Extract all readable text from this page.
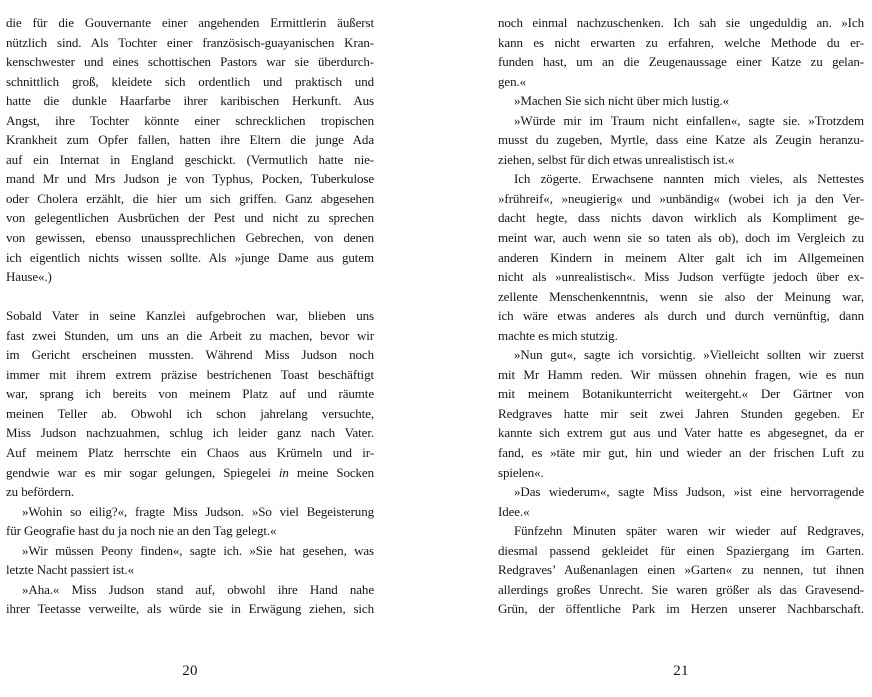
die für die Gouvernante einer angehenden Ermittlerin äußerst
nützlich sind. Als Tochter einer französisch-guayanischen Kran-
kenschwester und eines schottischen Pastors war sie überdurch-
schnittlich groß, kleidete sich ordentlich und praktisch und
hatte die dunkle Haarfarbe ihrer karibischen Herkunft. Aus
Angst, ihre Tochter könnte einer schrecklichen tropischen
Krankheit zum Opfer fallen, hatten ihre Eltern die junge Ada
auf ein Internat in England geschickt. (Vermutlich hatte nie-
mand Mr und Mrs Judson je von Typhus, Pocken, Tuberkulose
oder Cholera erzählt, die hier um sich griffen. Ganz abgesehen
von gelegentlichen Ausbrüchen der Pest und nicht zu sprechen
von gewissen, ebenso unaussprechlichen Gebrechen, von denen
ich eigentlich nichts wissen sollte. Als »junge Dame aus gutem
Hause«.)
Sobald Vater in seine Kanzlei aufgebrochen war, blieben uns
fast zwei Stunden, um uns an die Arbeit zu machen, bevor wir
im Gericht erscheinen mussten. Während Miss Judson noch
immer mit ihrem extrem präzise bestrichenen Toast beschäftigt
war, sprang ich bereits von meinem Platz auf und räumte
meinen Teller ab. Obwohl ich schon jahrelang versuchte,
Miss Judson nachzuahmen, schlug ich leider ganz nach Vater.
Auf meinem Platz herrschte ein Chaos aus Krümeln und ir-
gendwie war es mir sogar gelungen, Spiegelei in meine Socken
zu befördern.
»Wohin so eilig?«, fragte Miss Judson. »So viel Begeisterung
für Geografie hast du ja noch nie an den Tag gelegt.«
»Wir müssen Peony finden«, sagte ich. »Sie hat gesehen, was
letzte Nacht passiert ist.«
»Aha.« Miss Judson stand auf, obwohl ihre Hand nahe
ihrer Teetasse verweilte, als würde sie in Erwägung ziehen, sich
20
noch einmal nachzuschenken. Ich sah sie ungeduldig an. »Ich
kann es nicht erwarten zu erfahren, welche Methode du er-
funden hast, um an die Zeugenaussage einer Katze zu gelan-
gen.«
»Machen Sie sich nicht über mich lustig.«
»Würde mir im Traum nicht einfallen«, sagte sie. »Trotzdem
musst du zugeben, Myrtle, dass eine Katze als Zeugin heranzu-
ziehen, selbst für dich etwas unrealistisch ist.«
Ich zögerte. Erwachsene nannten mich vieles, als Nettestes
»frühreif«, »neugierig« und »unbändig« (wobei ich ja den Ver-
dacht hegte, dass nichts davon wirklich als Kompliment ge-
meint war, auch wenn sie so taten als ob), doch im Vergleich zu
anderen Kindern in meinem Alter galt ich im Allgemeinen
nicht als »unrealistisch«. Miss Judson verfügte jedoch über ex-
zellente Menschenkenntnis, wenn sie also der Meinung war,
ich wäre etwas anderes als durch und durch vernünftig, dann
machte es mich stutzig.
»Nun gut«, sagte ich vorsichtig. »Vielleicht sollten wir zuerst
mit Mr Hamm reden. Wir müssen ohnehin fragen, wie es nun
mit meinem Botanikunterricht weitergeht.« Der Gärtner von
Redgraves hatte mir seit zwei Jahren Stunden gegeben. Er
kannte sich extrem gut aus und Vater hatte es abgesegnet, da er
fand, es »täte mir gut, hin und wieder an der frischen Luft zu
spielen«.
»Das wiederum«, sagte Miss Judson, »ist eine hervorragende
Idee.«
Fünfzehn Minuten später waren wir wieder auf Redgraves,
diesmal passend gekleidet für einen Spaziergang im Garten.
Redgraves’ Außenanlagen einen »Garten« zu nennen, tut ihnen
allerdings großes Unrecht. Sie waren größer als das Gravesend-
Grün, der öffentliche Park im Herzen unserer Nachbarschaft.
21
